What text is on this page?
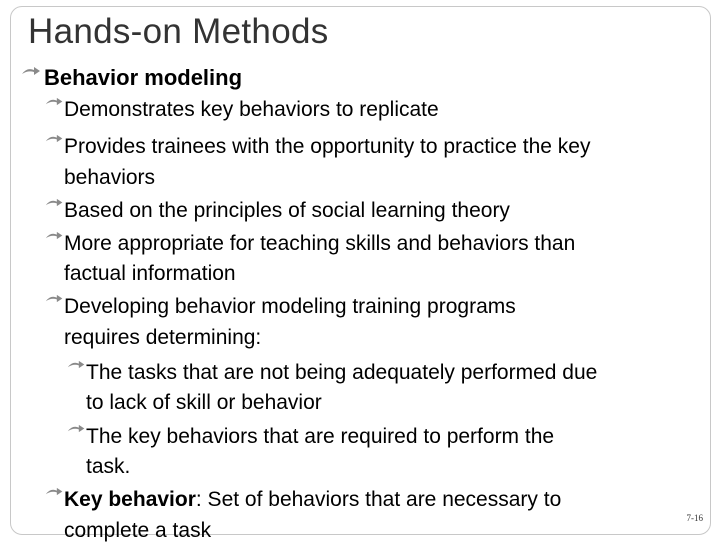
Hands-on Methods
Behavior modeling
Demonstrates key behaviors to replicate
Provides trainees with the opportunity to practice the key
behaviors
Based on the principles of social learning theory
More appropriate for teaching skills and behaviors than
factual information
Developing behavior modeling training programs
requires determining:
The tasks that are not being adequately performed due
to lack of skill or behavior
The key behaviors that are required to perform the
task.
Key behavior: Set of behaviors that are necessary to
complete a task
7-16
